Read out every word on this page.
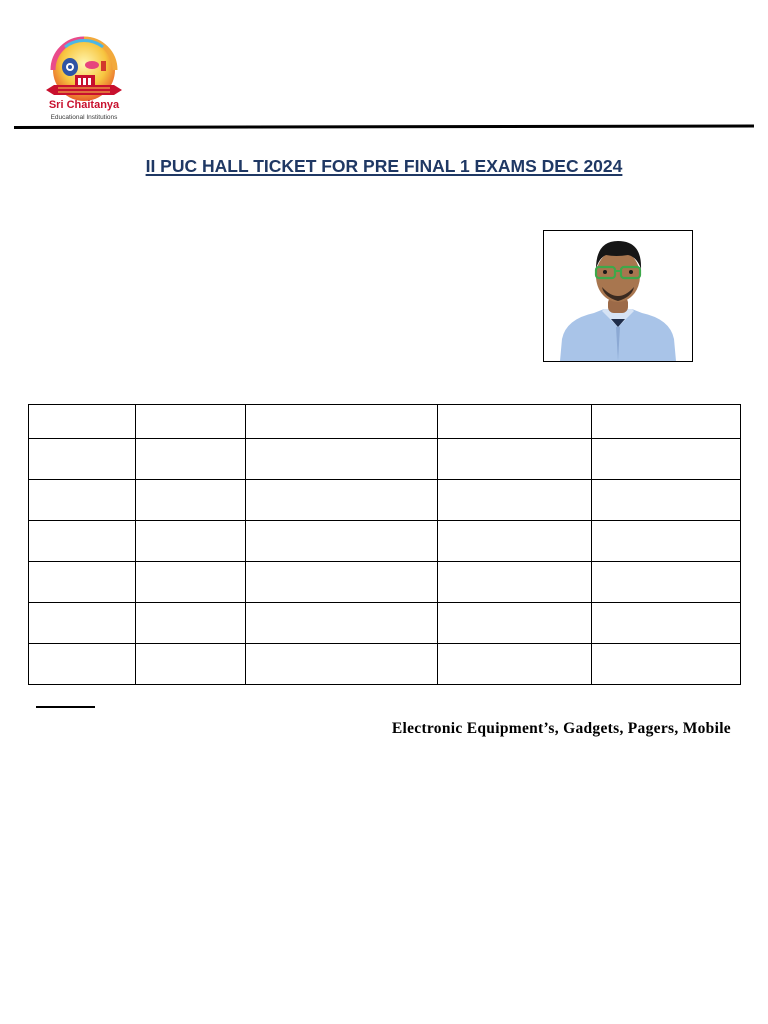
Sri Chaitanya
Educational Institutions
II PUC HALL TICKET FOR PRE FINAL 1 EXAMS DEC 2024

Electronic Equipment’s, Gadgets, Pagers, Mobile
